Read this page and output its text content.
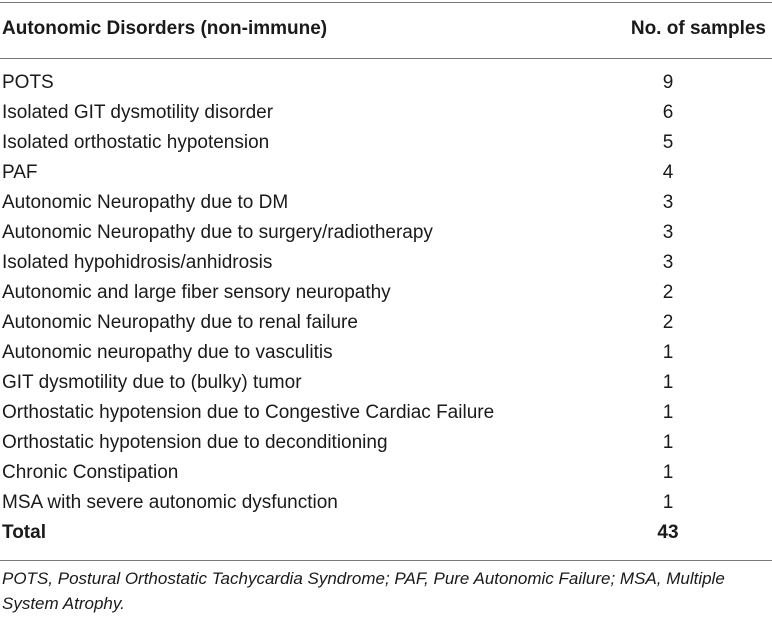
Autonomic Disorders (non-immune)	No. of samples
POTS	9
Isolated GIT dysmotility disorder	6
Isolated orthostatic hypotension	5
PAF	4
Autonomic Neuropathy due to DM	3
Autonomic Neuropathy due to surgery/radiotherapy	3
Isolated hypohidrosis/anhidrosis	3
Autonomic and large fiber sensory neuropathy	2
Autonomic Neuropathy due to renal failure	2
Autonomic neuropathy due to vasculitis	1
GIT dysmotility due to (bulky) tumor	1
Orthostatic hypotension due to Congestive Cardiac Failure	1
Orthostatic hypotension due to deconditioning	1
Chronic Constipation	1
MSA with severe autonomic dysfunction	1
Total	43
POTS, Postural Orthostatic Tachycardia Syndrome; PAF, Pure Autonomic Failure; MSA, Multiple System Atrophy.
